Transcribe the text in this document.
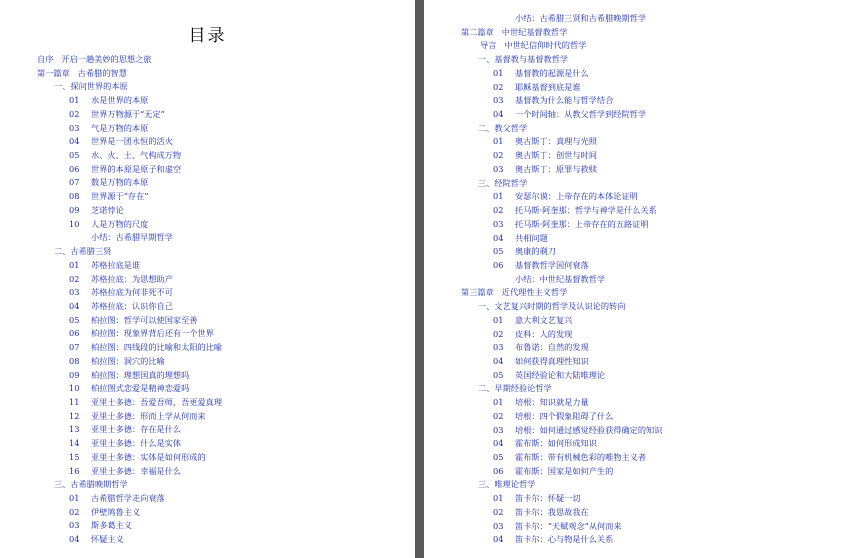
目录
自序 开启一趟美妙的思想之旅
第一篇章 古希腊的智慧
一、探问世界的本原
01 水是世界的本原
02 世界万物源于“无定”
03 气是万物的本原
04 世界是一团永恒的活火
05 水、火、土、气构成万物
06 世界的本原是原子和虚空
07 数是万物的本原
08 世界源于“存在”
09 芝诺悖论
10 人是万物的尺度
小结：古希腊早期哲学
二、古希腊三贤
01 苏格拉底是谁
02 苏格拉底：为思想助产
03 苏格拉底为何非死不可
04 苏格拉底：认识你自己
05 柏拉图：哲学可以使国家至善
06 柏拉图：现象界背后还有一个世界
07 柏拉图：四线段的比喻和太阳的比喻
08 柏拉图：洞穴的比喻
09 柏拉图：理想国真的理想吗
10 柏拉图式恋爱是精神恋爱吗
11 亚里士多德：吾爱吾师，吾更爱真理
12 亚里士多德：形而上学从何而来
13 亚里士多德：存在是什么
14 亚里士多德：什么是实体
15 亚里士多德：实体是如何形成的
16 亚里士多德：幸福是什么
三、古希腊晚期哲学
01 古希腊哲学走向衰落
02 伊壁鸠鲁主义
03 斯多葛主义
04 怀疑主义
小结：古希腊三贤和古希腊晚期哲学
第二篇章 中世纪基督教哲学
导言 中世纪信仰时代的哲学
一、基督教与基督教哲学
01 基督教的起源是什么
02 耶稣基督到底是谁
03 基督教为什么能与哲学结合
04 一个时间轴：从教父哲学到经院哲学
二、教父哲学
01 奥古斯丁：真理与光照
02 奥古斯丁：创世与时间
03 奥古斯丁：原罪与救赎
三、经院哲学
01 安瑟尔谟：上帝存在的本体论证明
02 托马斯·阿奎那：哲学与神学是什么关系
03 托马斯·阿奎那：上帝存在的五路证明
04 共相问题
05 奥康的剃刀
06 基督教哲学因何衰落
小结：中世纪基督教哲学
第三篇章 近代理性主义哲学
一、文艺复兴时期的哲学及认识论的转向
01 意大利文艺复兴
02 皮科：人的发现
03 布鲁诺：自然的发现
04 如何获得真理性知识
05 英国经验论和大陆唯理论
二、早期经验论哲学
01 培根：知识就是力量
02 培根：四个假象阻碍了什么
03 培根：如何通过感觉经验获得确定的知识
04 霍布斯：如何形成知识
05 霍布斯：带有机械色彩的唯物主义者
06 霍布斯：国家是如何产生的
三、唯理论哲学
01 笛卡尔：怀疑一切
02 笛卡尔：我思故我在
03 笛卡尔：“天赋观念”从何而来
04 笛卡尔：心与物是什么关系
